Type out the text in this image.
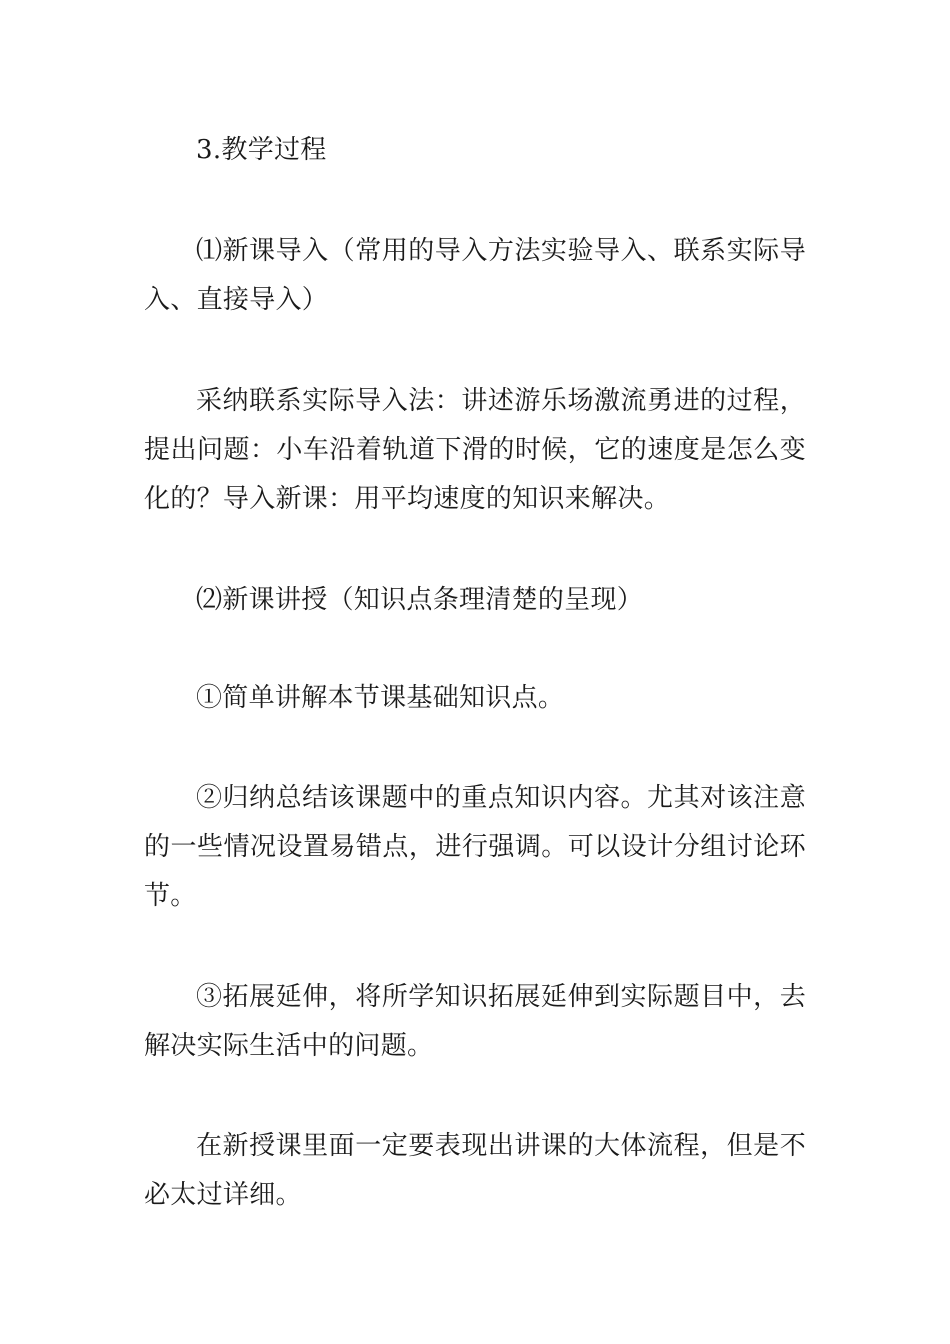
3.教学过程

⑴新课导入（常用的导入方法实验导入、联系实际导入、直接导入）

采纳联系实际导入法：讲述游乐场激流勇进的过程，提出问题：小车沿着轨道下滑的时候，它的速度是怎么变化的？导入新课：用平均速度的知识来解决。

⑵新课讲授（知识点条理清楚的呈现）

①简单讲解本节课基础知识点。

②归纳总结该课题中的重点知识内容。尤其对该注意的一些情况设置易错点，进行强调。可以设计分组讨论环节。

③拓展延伸，将所学知识拓展延伸到实际题目中，去解决实际生活中的问题。

在新授课里面一定要表现出讲课的大体流程，但是不必太过详细。
